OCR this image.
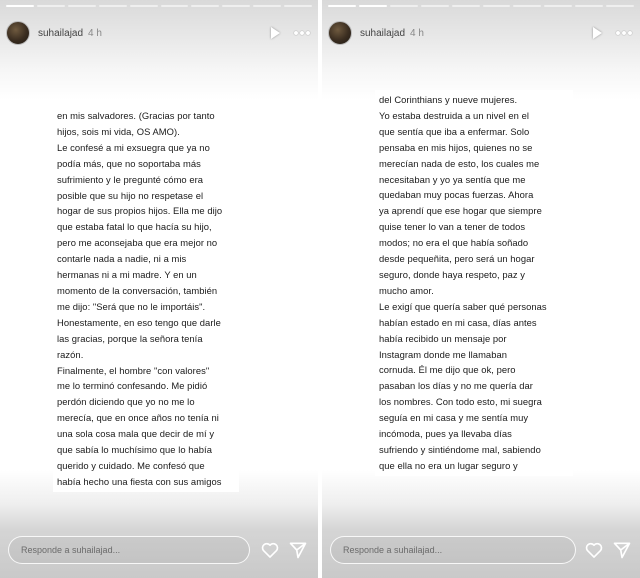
suhailajad 4 h

en mis salvadores. (Gracias por tanto

hijos, sois mi vida, OS AMO).

Le confesé a mi exsuegra que ya no

podía más, que no soportaba más

sufrimiento y le pregunté cómo era

posible que su hijo no respetase el

hogar de sus propios hijos. Ella me dijo

que estaba fatal lo que hacía su hijo,

pero me aconsejaba que era mejor no

contarle nada a nadie, ni a mis

hermanas ni a mi madre. Y en un

momento de la conversación, también

me dijo: "Será que no le importáis".

Honestamente, en eso tengo que darle

las gracias, porque la señora tenía

razón.

Finalmente, el hombre "con valores"

me lo terminó confesando. Me pidió

perdón diciendo que yo no me lo

merecía, que en once años no tenía ni

una sola cosa mala que decir de mí y

que sabía lo muchísimo que lo había

querido y cuidado. Me confesó que

había hecho una fiesta con sus amigos

Responde a suhailajad...
suhailajad 4 h

del Corinthians y nueve mujeres.

Yo estaba destruida a un nivel en el

que sentía que iba a enfermar. Solo

pensaba en mis hijos, quienes no se

merecían nada de esto, los cuales me

necesitaban y yo ya sentía que me

quedaban muy pocas fuerzas. Ahora

ya aprendí que ese hogar que siempre

quise tener lo van a tener de todos

modos; no era el que había soñado

desde pequeñita, pero será un hogar

seguro, donde haya respeto, paz y

mucho amor.

Le exigí que quería saber qué personas

habían estado en mi casa, días antes

había recibido un mensaje por

Instagram donde me llamaban

cornuda. Él me dijo que ok, pero

pasaban los días y no me quería dar

los nombres. Con todo esto, mi suegra

seguía en mi casa y me sentía muy

incómoda, pues ya llevaba días

sufriendo y sintiéndome mal, sabiendo

que ella no era un lugar seguro y

Responde a suhailajad...
